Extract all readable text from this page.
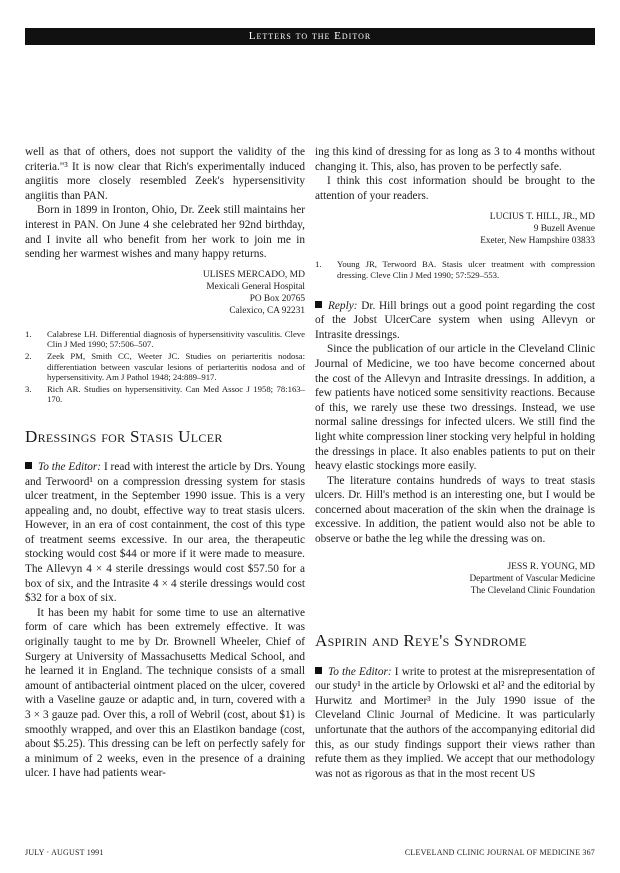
Letters to the Editor

well as that of others, does not support the validity of the criteria."³ It is now clear that Rich's experimentally induced angiitis more closely resembled Zeek's hypersensitivity angiitis than PAN.

Born in 1899 in Ironton, Ohio, Dr. Zeek still maintains her interest in PAN. On June 4 she celebrated her 92nd birthday, and I invite all who benefit from her work to join me in sending her warmest wishes and many happy returns.

ULISES MERCADO, MD
Mexicali General Hospital
PO Box 20765
Calexico, CA 92231
1.	Calabrese LH. Differential diagnosis of hypersensitivity vasculitis. Cleve Clin J Med 1990; 57:506–507.
2.	Zeek PM, Smith CC, Weeter JC. Studies on periarteritis nodosa: differentiation between vascular lesions of periarteritis nodosa and of hypersensitivity. Am J Pathol 1948; 24:889–917.
3.	Rich AR. Studies on hypersensitivity. Can Med Assoc J 1958; 78:163–170.
Dressings for Stasis Ulcer

To the Editor: I read with interest the article by Drs. Young and Terwoord¹ on a compression dressing system for stasis ulcer treatment, in the September 1990 issue. This is a very appealing and, no doubt, effective way to treat stasis ulcers. However, in an era of cost containment, the cost of this type of treatment seems excessive. In our area, the therapeutic stocking would cost $44 or more if it were made to measure. The Allevyn 4 × 4 sterile dressings would cost $57.50 for a box of six, and the Intrasite 4 × 4 sterile dressings would cost $32 for a box of six.

It has been my habit for some time to use an alternative form of care which has been extremely effective. It was originally taught to me by Dr. Brownell Wheeler, Chief of Surgery at University of Massachusetts Medical School, and he learned it in England. The technique consists of a small amount of antibacterial ointment placed on the ulcer, covered with a Vaseline gauze or adaptic and, in turn, covered with a 3 × 3 gauze pad. Over this, a roll of Webril (cost, about $1) is smoothly wrapped, and over this an Elastikon bandage (cost, about $5.25). This dressing can be left on perfectly safely for a minimum of 2 weeks, even in the presence of a draining ulcer. I have had patients wear-

ing this kind of dressing for as long as 3 to 4 months without changing it. This, also, has proven to be perfectly safe.

I think this cost information should be brought to the attention of your readers.

LUCIUS T. HILL, JR., MD
9 Buzell Avenue
Exeter, New Hampshire 03833
1.	Young JR, Terwoord BA. Stasis ulcer treatment with compression dressing. Cleve Clin J Med 1990; 57:529–553.

Reply: Dr. Hill brings out a good point regarding the cost of the Jobst UlcerCare system when using Allevyn or Intrasite dressings.

Since the publication of our article in the Cleveland Clinic Journal of Medicine, we too have become concerned about the cost of the Allevyn and Intrasite dressings. In addition, a few patients have noticed some sensitivity reactions. Because of this, we rarely use these two dressings. Instead, we use normal saline dressings for infected ulcers. We still find the light white compression liner stocking very helpful in holding the dressings in place. It also enables patients to put on their heavy elastic stockings more easily.

The literature contains hundreds of ways to treat stasis ulcers. Dr. Hill's method is an interesting one, but I would be concerned about maceration of the skin when the drainage is excessive. In addition, the patient would also not be able to observe or bathe the leg while the dressing was on.

JESS R. YOUNG, MD
Department of Vascular Medicine
The Cleveland Clinic Foundation
Aspirin and Reye's Syndrome

To the Editor: I write to protest at the misrepresentation of our study¹ in the article by Orlowski et al² and the editorial by Hurwitz and Mortimer³ in the July 1990 issue of the Cleveland Clinic Journal of Medicine. It was particularly unfortunate that the authors of the accompanying editorial did this, as our study findings support their views rather than refute them as they implied. We accept that our methodology was not as rigorous as that in the most recent US

JULY · AUGUST 1991	CLEVELAND CLINIC JOURNAL OF MEDICINE 367
